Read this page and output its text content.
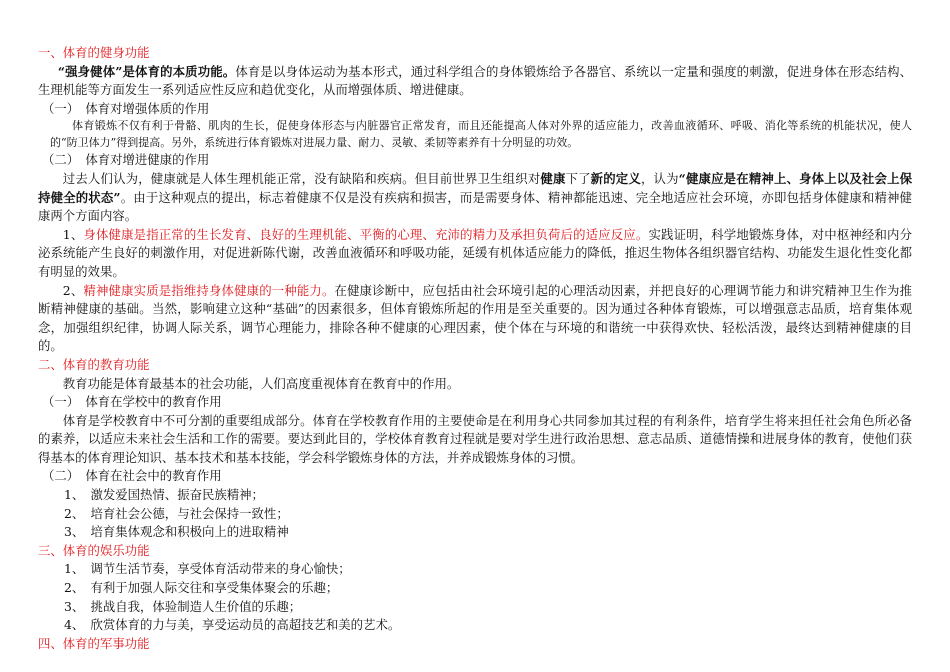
一、体育的健身功能
“强身健体”是体育的本质功能。体育是以身体运动为基本形式，通过科学组合的身体锻炼给予各器官、系统以一定量和强度的刺激，促进身体在形态结构、生理机能等方面发生一系列适应性反应和趋优变化，从而增强体质、增进健康。
（一）　体育对增强体质的作用
体育锻炼不仅有利于骨骼、肌肉的生长，促使身体形态与内脏器官正常发育，而且还能提高人体对外界的适应能力，改善血液循环、呼吸、消化等系统的机能状况，使人的“防卫体力”得到提高。另外，系统进行体育锻炼对进展力量、耐力、灵敏、柔韧等素养有十分明显的功效。
（二）　体育对增进健康的作用
过去人们认为，健康就是人体生理机能正常，没有缺陷和疾病。但目前世界卫生组织对健康下了新的定义，认为“健康应是在精神上、身体上以及社会上保持健全的状态”。由于这种观点的提出，标志着健康不仅是没有疾病和损害，而是需要身体、精神都能迅速、完全地适应社会环境，亦即包括身体健康和精神健康两个方面内容。
1、身体健康是指正常的生长发育、良好的生理机能、平衡的心理、充沛的精力及承担负荷后的适应反应。实践证明，科学地锻炼身体，对中枢神经和内分泌系统能产生良好的刺激作用，对促进新陈代谢，改善血液循环和呼吸功能，延缓有机体适应能力的降低，推迟生物体各组织器官结构、功能发生退化性变化都有明显的效果。
2、精神健康实质是指维持身体健康的一种能力。在健康诊断中，应包括由社会环境引起的心理活动因素，并把良好的心理调节能力和讲究精神卫生作为推断精神健康的基础。当然，影响建立这种“基础”的因素很多，但体育锻炼所起的作用是至关重要的。因为通过各种体育锻炼，可以增强意志品质，培育集体观念，加强组织纪律，协调人际关系，调节心理能力，排除各种不健康的心理因素，使个体在与环境的和谐统一中获得欢快、轻松活泼，最终达到精神健康的目的。
二、体育的教育功能
教育功能是体育最基本的社会功能，人们高度重视体育在教育中的作用。
（一）　体育在学校中的教育作用
体育是学校教育中不可分割的重要组成部分。体育在学校教育作用的主要使命是在利用身心共同参加其过程的有利条件，培育学生将来担任社会角色所必备的素养，以适应未来社会生活和工作的需要。要达到此目的，学校体育教育过程就是要对学生进行政治思想、意志品质、道德情操和进展身体的教育，使他们获得基本的体育理论知识、基本技术和基本技能，学会科学锻炼身体的方法，并养成锻炼身体的习惯。
（二）　体育在社会中的教育作用
1、　激发爱国热情、振奋民族精神；
2、　培育社会公德，与社会保持一致性；
3、　培育集体观念和积极向上的进取精神
三、体育的娱乐功能
1、　调节生活节奏，享受体育活动带来的身心愉快；
2、　有利于加强人际交往和享受集体聚会的乐趣；
3、　挑战自我，体验制造人生价值的乐趣；
4、　欣赏体育的力与美，享受运动员的高超技艺和美的艺术。
四、体育的军事功能
